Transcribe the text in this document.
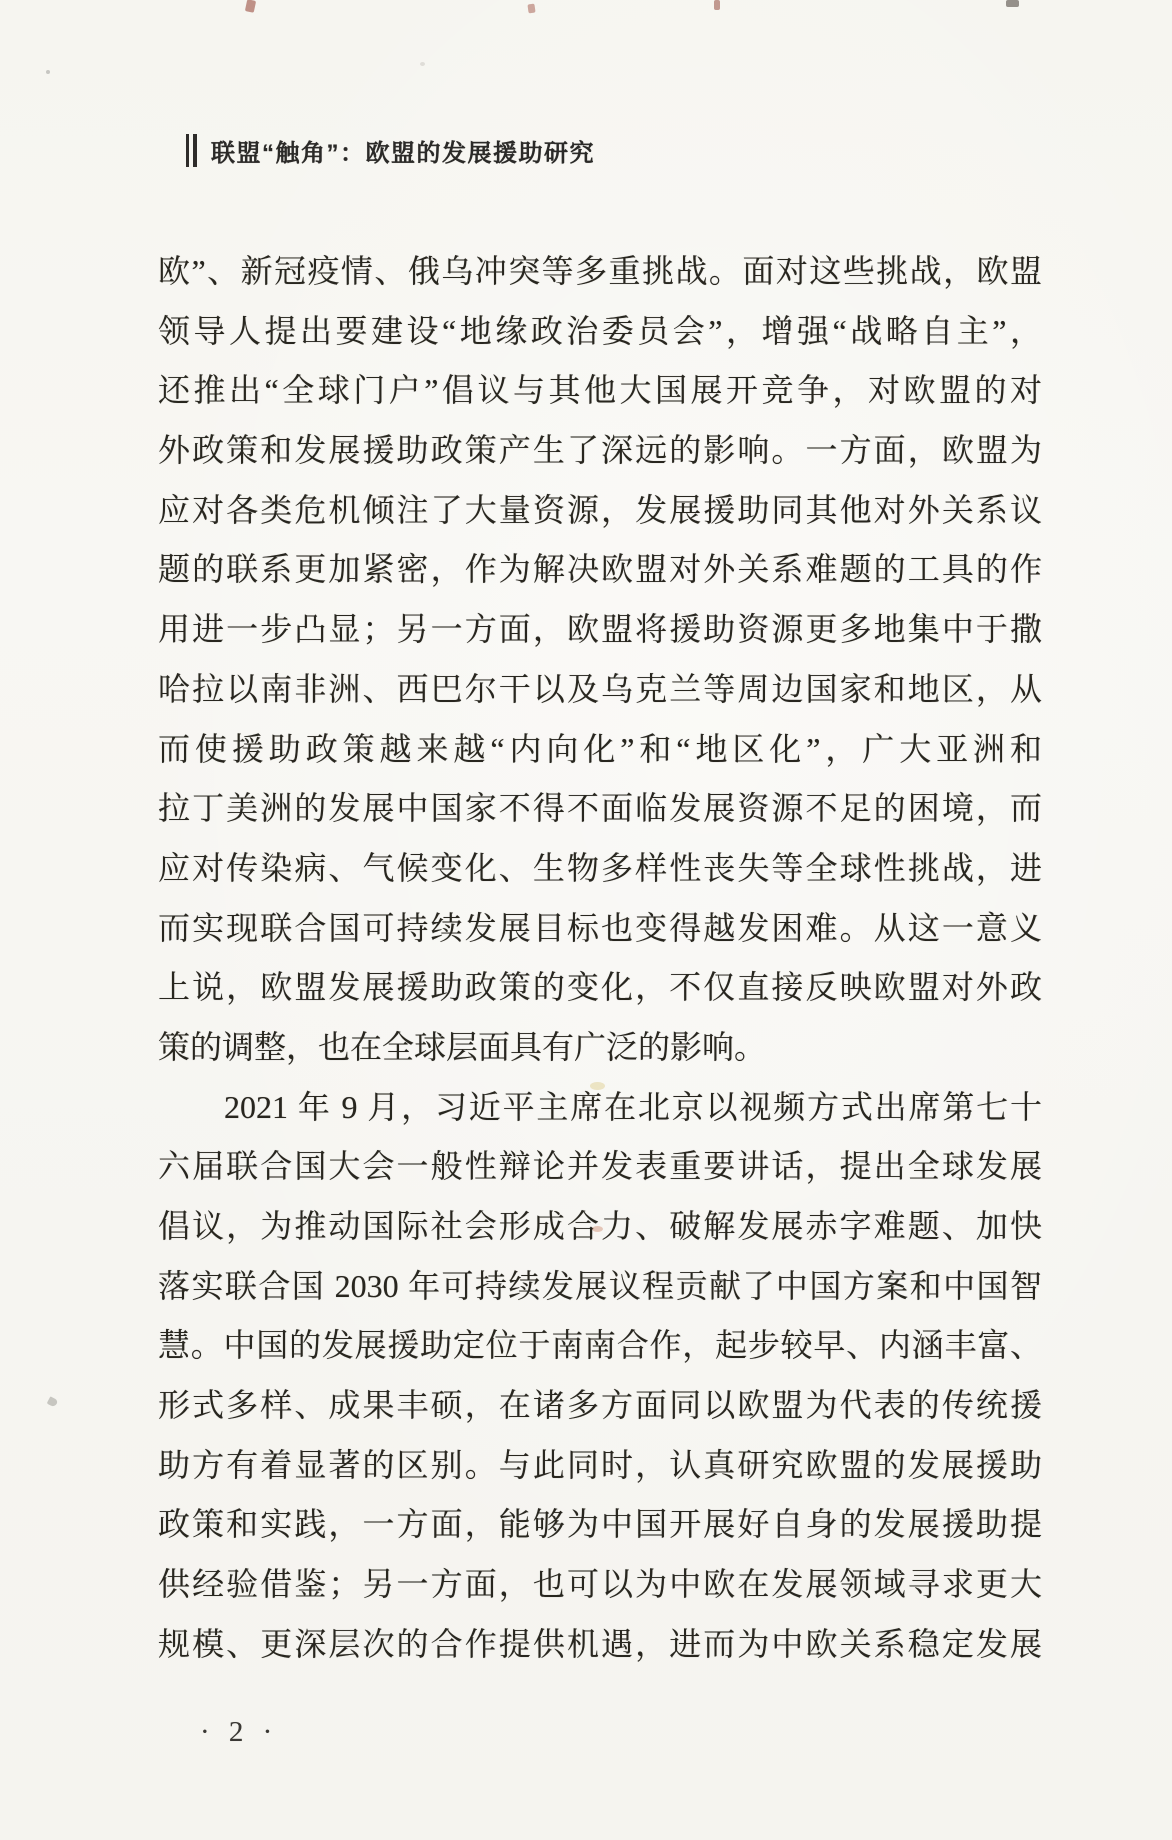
联盟“触角”：欧盟的发展援助研究
欧”、新冠疫情、俄乌冲突等多重挑战。面对这些挑战，欧盟
领导人提出要建设“地缘政治委员会”，增强“战略自主”，
还推出“全球门户”倡议与其他大国展开竞争，对欧盟的对
外政策和发展援助政策产生了深远的影响。一方面，欧盟为
应对各类危机倾注了大量资源，发展援助同其他对外关系议
题的联系更加紧密，作为解决欧盟对外关系难题的工具的作
用进一步凸显；另一方面，欧盟将援助资源更多地集中于撒
哈拉以南非洲、西巴尔干以及乌克兰等周边国家和地区，从
而使援助政策越来越“内向化”和“地区化”，广大亚洲和
拉丁美洲的发展中国家不得不面临发展资源不足的困境，而
应对传染病、气候变化、生物多样性丧失等全球性挑战，进
而实现联合国可持续发展目标也变得越发困难。从这一意义
上说，欧盟发展援助政策的变化，不仅直接反映欧盟对外政
策的调整，也在全球层面具有广泛的影响。
2021 年 9 月，习近平主席在北京以视频方式出席第七十
六届联合国大会一般性辩论并发表重要讲话，提出全球发展
倡议，为推动国际社会形成合力、破解发展赤字难题、加快
落实联合国 2030 年可持续发展议程贡献了中国方案和中国智
慧。中国的发展援助定位于南南合作，起步较早、内涵丰富、
形式多样、成果丰硕，在诸多方面同以欧盟为代表的传统援
助方有着显著的区别。与此同时，认真研究欧盟的发展援助
政策和实践，一方面，能够为中国开展好自身的发展援助提
供经验借鉴；另一方面，也可以为中欧在发展领域寻求更大
规模、更深层次的合作提供机遇，进而为中欧关系稳定发展
· 2 ·
